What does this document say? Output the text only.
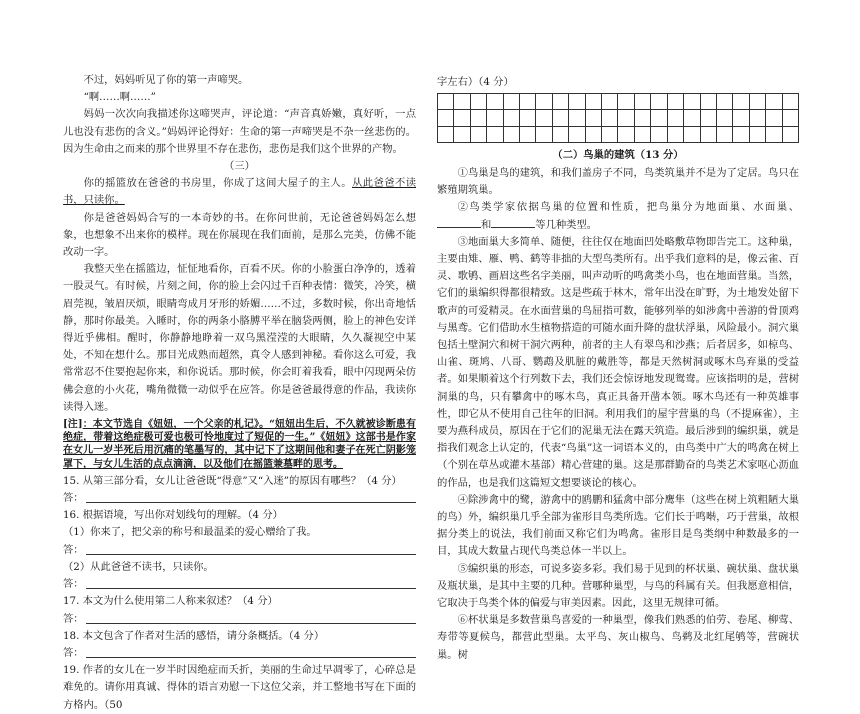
不过，妈妈听见了你的第一声啼哭。

“啊……啊……”

妈妈一次次向我描述你这啼哭声，评论道：“声音真娇嫩，真好听，一点儿也没有悲伤的含义。”妈妈评论得好：生命的第一声啼哭是不杂一丝悲伤的。因为生命由之而来的那个世界里不存在悲伤，悲伤是我们这个世界的产物。

（三）

你的摇篮放在爸爸的书房里，你成了这间大屋子的主人。从此爸爸不读书，只读你。

你是爸爸妈妈合写的一本奇妙的书。在你问世前，无论爸爸妈妈怎么想象，也想象不出来你的模样。现在你展现在我们面前，是那么完美，仿佛不能改动一字。

我整天坐在摇篮边，怔怔地看你，百看不厌。你的小脸蛋白净净的，透着一股灵气。有时候，片刻之间，你的脸上会闪过千百种表情：微笑，冷笑，横眉莞视，皱眉厌烦，眼睛弯成月牙形的娇媚……不过，多数时候，你出奇地恬静，那时你最美。入睡时，你的两条小胳膊平举在脑袋两侧，脸上的神色安详得近乎佛相。醒时，你静静地睁着一双乌黑滢滢的大眼睛，久久凝视空中某处，不知在想什么。那目光成熟而超然，真令人感到神秘。看你这么可爱，我常常忍不住要抱起你来，和你说话。那时候，你会盯着我看，眼中闪现两朵仿佛会意的小火花，嘴角微微一动似乎在应答。你是爸爸最得意的作品，我读你读得入迷。

[注]：本文节选自《妞妞，一个父亲的札记》。“妞妞出生后，不久就被诊断患有绝症，带着这绝症极可爱也极可怜地度过了短促的一生。”《妞妞》这部书是作家在女儿一岁半死后用沉痛的笔墨写的，其中记下了这期间他和妻子在死亡阴影笼罩下，与女儿生活的点点滴滴，以及他们在摇篮兼墓畔的思考。

15. 从第三部分看，女儿让爸爸既“得意”又“入迷”的原因有哪些？（4 分）

答：

16. 根据语境，写出你对划线句的理解。（4 分）

（1）你来了，把父亲的称号和最温柔的爱心赠给了我。

答：

（2）从此爸爸不读书，只读你。

答：

17. 本文为什么使用第二人称来叙述？（4 分）

答：

18. 本文包含了作者对生活的感悟，请分条概括。（4 分）

答：

19. 作者的女儿在一岁半时因绝症而夭折，美丽的生命过早凋零了，心碎总是难免的。请你用真诚、得体的语言劝慰一下这位父亲，并工整地书写在下面的方格内。（50

字左右）（4 分）

（二）鸟巢的建筑（13 分）

①鸟巢是鸟的建筑，和我们盖房子不同，鸟类筑巢并不是为了定居。鸟只在繁殖期筑巢。

②鸟类学家依据鸟巢的位置和性质，把鸟巢分为地面巢、水面巢、和	等几种类型。

③地面巢大多简单、随便，往往仅在地面凹处略敷草物即告完工。这种巢，主要由雉、雁、鸭、鹤等非拙的大型鸟类所有。出乎我们意料的是，像云雀、百灵、歌鸲、画眉这些名字美丽，叫声动听的鸣禽类小鸟，也在地面营巢。当然，它们的巢编织得都很精致。这是些疏于林木，常年出没在旷野，为土地发处留下歌声的可爱精灵。在水面营巢的鸟屈指可数，能够列举的如涉禽中善游的骨顶鸡与黑鸢。它们借助水生植物搭造的可随水面升降的盘状浮巢，风险最小。洞穴巢包括土壁洞穴和树干洞穴两种，前者的主人有翠鸟和沙燕；后者居多，如椋鸟、山雀、斑鸠、八哥、鹦鹉及肌脏的戴胜等，都是天然树洞或啄木鸟弃巢的受益者。如果顺着这个行列数下去，我们还会惊讶地发现鸳鸯。应该指明的是，营树洞巢的鸟，只有攀禽中的啄木鸟，真正具备开凿本领。啄木鸟还有一种英雄事性，即它从不使用自己往年的旧洞。利用我们的屋宇营巢的鸟（不提麻雀），主要为燕科成员，原因在于它们的泥巢无法在露天筑造。最后涉到的编织巢，就是指我们观念上认定的，代表“鸟巢”这一词语本义的，由鸟类中广大的鸣禽在树上（个别在草丛或灌木基部）精心营建的巢。这是那群勤奋的鸟类艺术家呕心沥血的作品，也是我们这篇短文想要谈论的核心。

④除涉禽中的鹭，游禽中的鸥鹏和猛禽中部分鹰隼（这些在树上筑粗陋大巢的鸟）外，编织巢几乎全部为雀形目鸟类所选。它们长于鸣啭，巧于营巢，故根据分类上的说法，我们前面又称它们为鸣禽。雀形目是鸟类纲中种数最多的一目，其成大数量占现代鸟类总体一半以上。

⑤编织巢的形态，可说多姿多彩。我们易于见到的杯状巢、碗状巢、盘状巢及瓶状巢，是其中主要的几种。营哪种巢型，与鸟的科属有关。但我愿意相信，它取决于鸟类个体的偏爱与审美因素。因此，这里无规律可循。

⑥杯状巢是多数营巢鸟喜爱的一种巢型，像我们熟悉的伯劳、卷尾、柳莺、寿带等夏候鸟，都营此型巢。太平鸟、灰山椒鸟、鸟鹈及北红尾鸲等，营碗状巢。树
